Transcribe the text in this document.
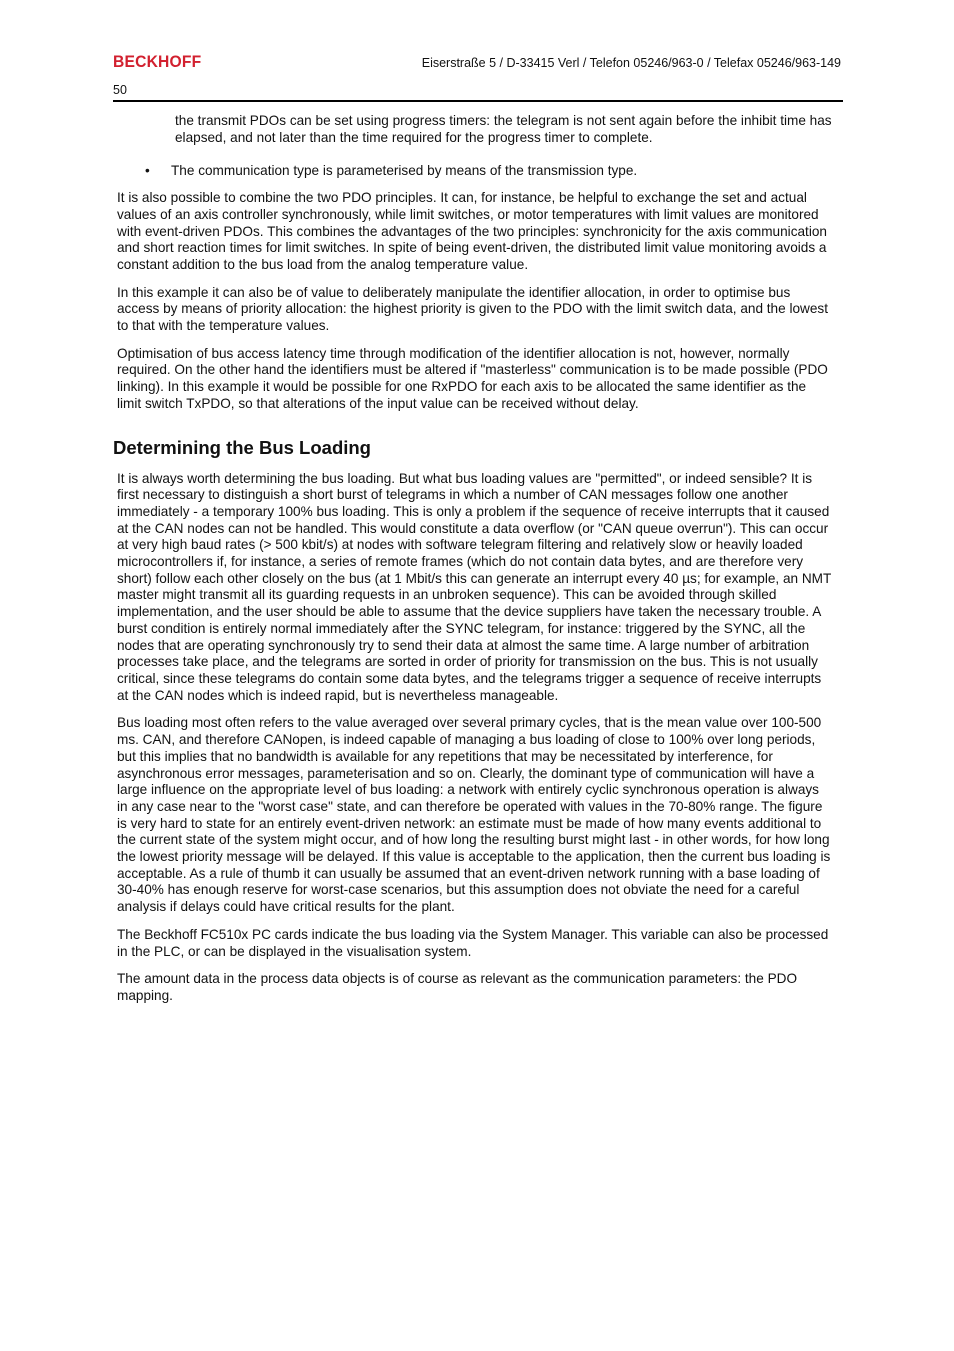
BECKHOFF	Eiserstraße 5 / D-33415 Verl / Telefon 05246/963-0 / Telefax 05246/963-149
50
the transmit PDOs can be set using progress timers: the telegram is not sent again before the inhibit time has elapsed, and not later than the time required for the progress timer to complete.
• The communication type is parameterised by means of the transmission type.

It is also possible to combine the two PDO principles. It can, for instance, be helpful to exchange the set and actual values of an axis controller synchronously, while limit switches, or motor temperatures with limit values are monitored with event-driven PDOs. This combines the advantages of the two principles: synchronicity for the axis communication and short reaction times for limit switches. In spite of being event-driven, the distributed limit value monitoring avoids a constant addition to the bus load from the analog temperature value.

In this example it can also be of value to deliberately manipulate the identifier allocation, in order to optimise bus access by means of priority allocation: the highest priority is given to the PDO with the limit switch data, and the lowest to that with the temperature values.

Optimisation of bus access latency time through modification of the identifier allocation is not, however, normally required. On the other hand the identifiers must be altered if "masterless" communication is to be made possible (PDO linking). In this example it would be possible for one RxPDO for each axis to be allocated the same identifier as the limit switch TxPDO, so that alterations of the input value can be received without delay.

Determining the Bus Loading

It is always worth determining the bus loading. But what bus loading values are "permitted", or indeed sensible? It is first necessary to distinguish a short burst of telegrams in which a number of CAN messages follow one another immediately - a temporary 100% bus loading. This is only a problem if the sequence of receive interrupts that it caused at the CAN nodes can not be handled. This would constitute a data overflow (or "CAN queue overrun"). This can occur at very high baud rates (> 500 kbit/s) at nodes with software telegram filtering and relatively slow or heavily loaded microcontrollers if, for instance, a series of remote frames (which do not contain data bytes, and are therefore very short) follow each other closely on the bus (at 1 Mbit/s this can generate an interrupt every 40 µs; for example, an NMT master might transmit all its guarding requests in an unbroken sequence). This can be avoided through skilled implementation, and the user should be able to assume that the device suppliers have taken the necessary trouble. A burst condition is entirely normal immediately after the SYNC telegram, for instance: triggered by the SYNC, all the nodes that are operating synchronously try to send their data at almost the same time. A large number of arbitration processes take place, and the telegrams are sorted in order of priority for transmission on the bus. This is not usually critical, since these telegrams do contain some data bytes, and the telegrams trigger a sequence of receive interrupts at the CAN nodes which is indeed rapid, but is nevertheless manageable.

Bus loading most often refers to the value averaged over several primary cycles, that is the mean value over 100-500 ms. CAN, and therefore CANopen, is indeed capable of managing a bus loading of close to 100% over long periods, but this implies that no bandwidth is available for any repetitions that may be necessitated by interference, for asynchronous error messages, parameterisation and so on. Clearly, the dominant type of communication will have a large influence on the appropriate level of bus loading: a network with entirely cyclic synchronous operation is always in any case near to the "worst case" state, and can therefore be operated with values in the 70-80% range. The figure is very hard to state for an entirely event-driven network: an estimate must be made of how many events additional to the current state of the system might occur, and of how long the resulting burst might last - in other words, for how long the lowest priority message will be delayed. If this value is acceptable to the application, then the current bus loading is acceptable. As a rule of thumb it can usually be assumed that an event-driven network running with a base loading of 30-40% has enough reserve for worst-case scenarios, but this assumption does not obviate the need for a careful analysis if delays could have critical results for the plant.

The Beckhoff FC510x PC cards indicate the bus loading via the System Manager. This variable can also be processed in the PLC, or can be displayed in the visualisation system.

The amount data in the process data objects is of course as relevant as the communication parameters: the PDO mapping.
